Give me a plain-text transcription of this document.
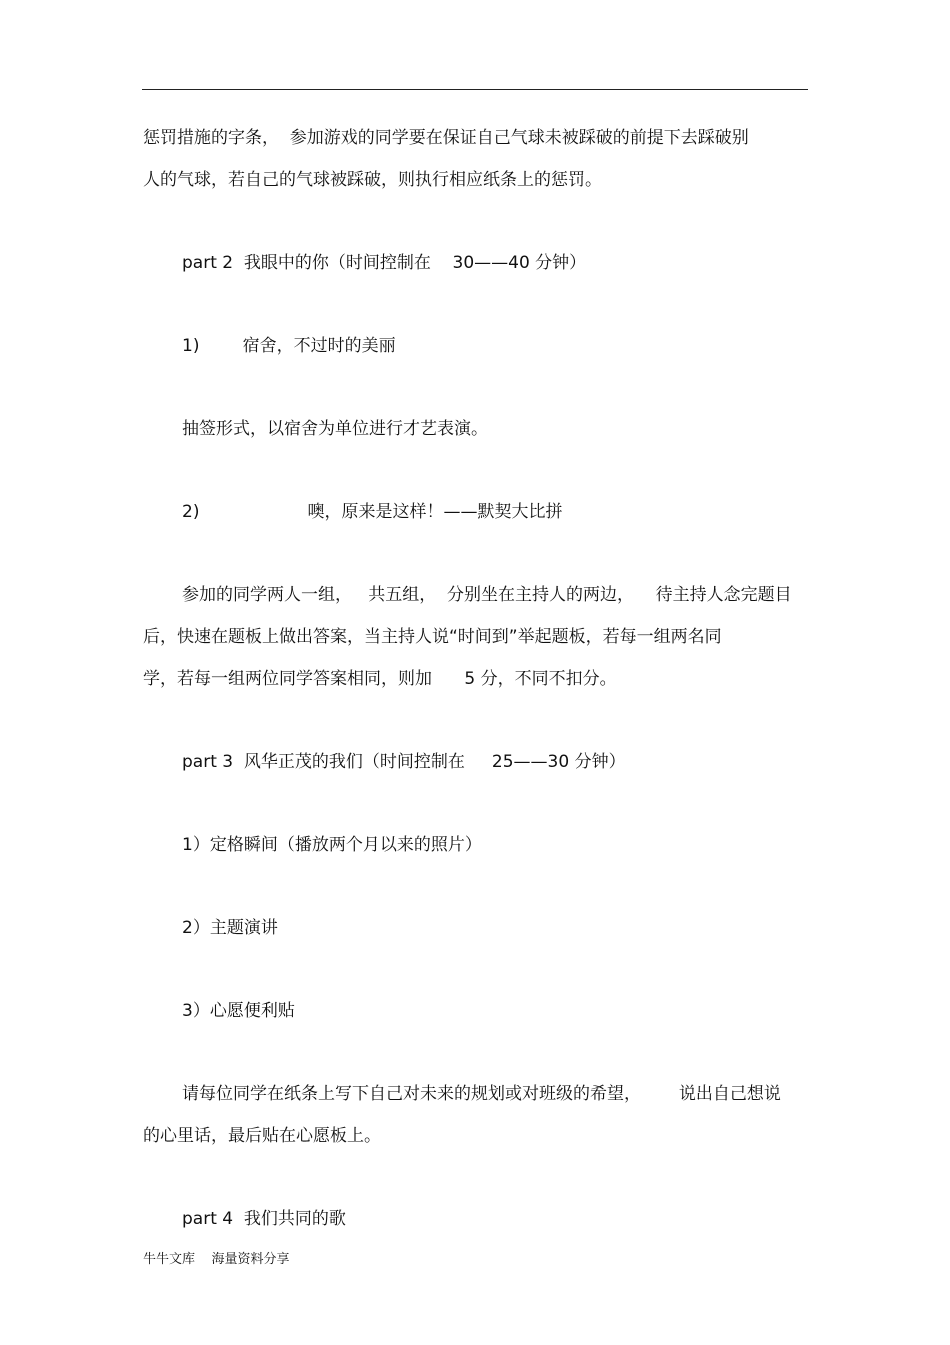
惩罚措施的字条，  参加游戏的同学要在保证自己气球未被踩破的前提下去踩破别
人的气球，若自己的气球被踩破，则执行相应纸条上的惩罚。
part 2  我眼中的你（时间控制在    30——40 分钟）
1)        宿舍，不过时的美丽
抽签形式，以宿舍为单位进行才艺表演。
2)                    噢，原来是这样！——默契大比拼
参加的同学两人一组，   共五组，  分别坐在主持人的两边，    待主持人念完题目
后，快速在题板上做出答案，当主持人说“时间到”举起题板，若每一组两名同
学，若每一组两位同学答案相同，则加      5 分，不同不扣分。
part 3  风华正茂的我们（时间控制在     25——30 分钟）
1）定格瞬间（播放两个月以来的照片）
2）主题演讲
3）心愿便利贴
请每位同学在纸条上写下自己对未来的规划或对班级的希望，       说出自己想说
的心里话，最后贴在心愿板上。
part 4  我们共同的歌
牛牛文库    海量资料分享
